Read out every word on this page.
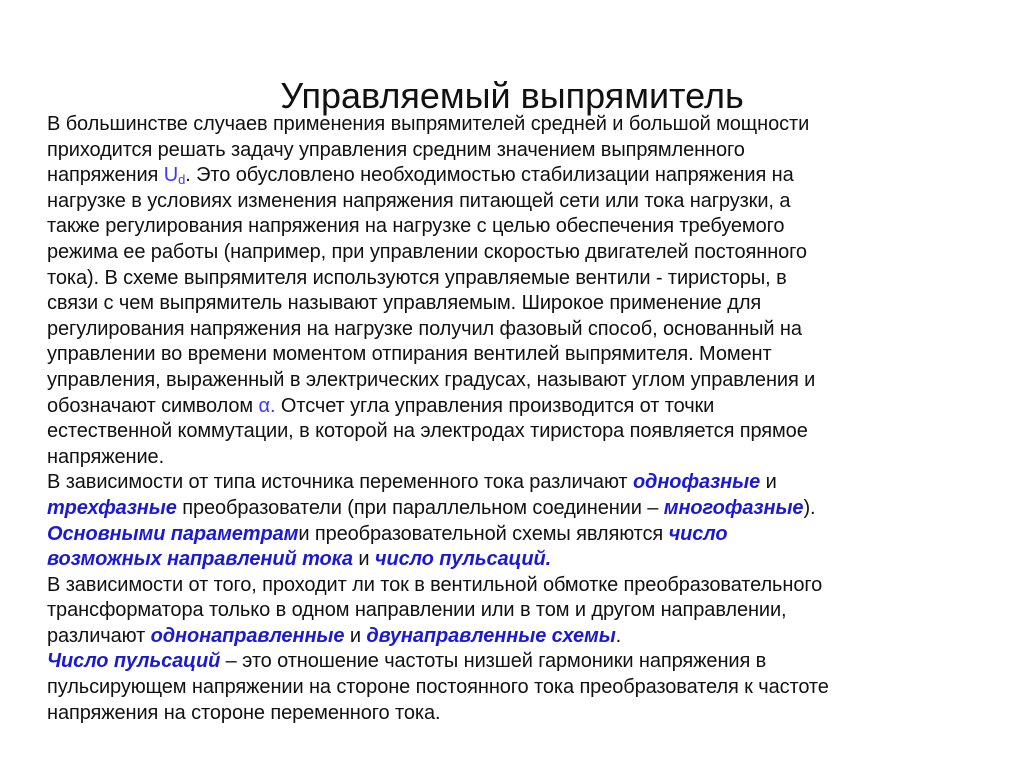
Управляемый выпрямитель
В большинстве случаев применения выпрямителей средней и большой мощности
приходится решать задачу управления средним значением выпрямленного
напряжения $U_d$. Это обусловлено необходимостью стабилизации напряжения на
нагрузке в условиях изменения напряжения питающей сети или тока нагрузки, а
также регулирования напряжения на нагрузке с целью обеспечения требуемого
режима ее работы (например, при управлении скоростью двигателей постоянного
тока). В схеме выпрямителя используются управляемые вентили - тиристоры, в
связи с чем выпрямитель называют управляемым. Широкое применение для
регулирования напряжения на нагрузке получил фазовый способ, основанный на
управлении во времени моментом отпирания вентилей выпрямителя. Момент
управления, выраженный в электрических градусах, называют углом управления и
обозначают символом α. Отсчет угла управления производится от точки
естественной коммутации, в которой на электродах тиристора появляется прямое
напряжение.
В зависимости от типа источника переменного тока различают однофазные и
трехфазные преобразователи (при параллельном соединении – многофазные).
Основными параметрами преобразовательной схемы являются число
возможных направлений тока и число пульсаций.
В зависимости от того, проходит ли ток в вентильной обмотке преобразовательного
трансформатора только в одном направлении или в том и другом направлении,
различают однонаправленные и двунаправленные схемы.
Число пульсаций – это отношение частоты низшей гармоники напряжения в
пульсирующем напряжении на стороне постоянного тока преобразователя к частоте
напряжения на стороне переменного тока.
